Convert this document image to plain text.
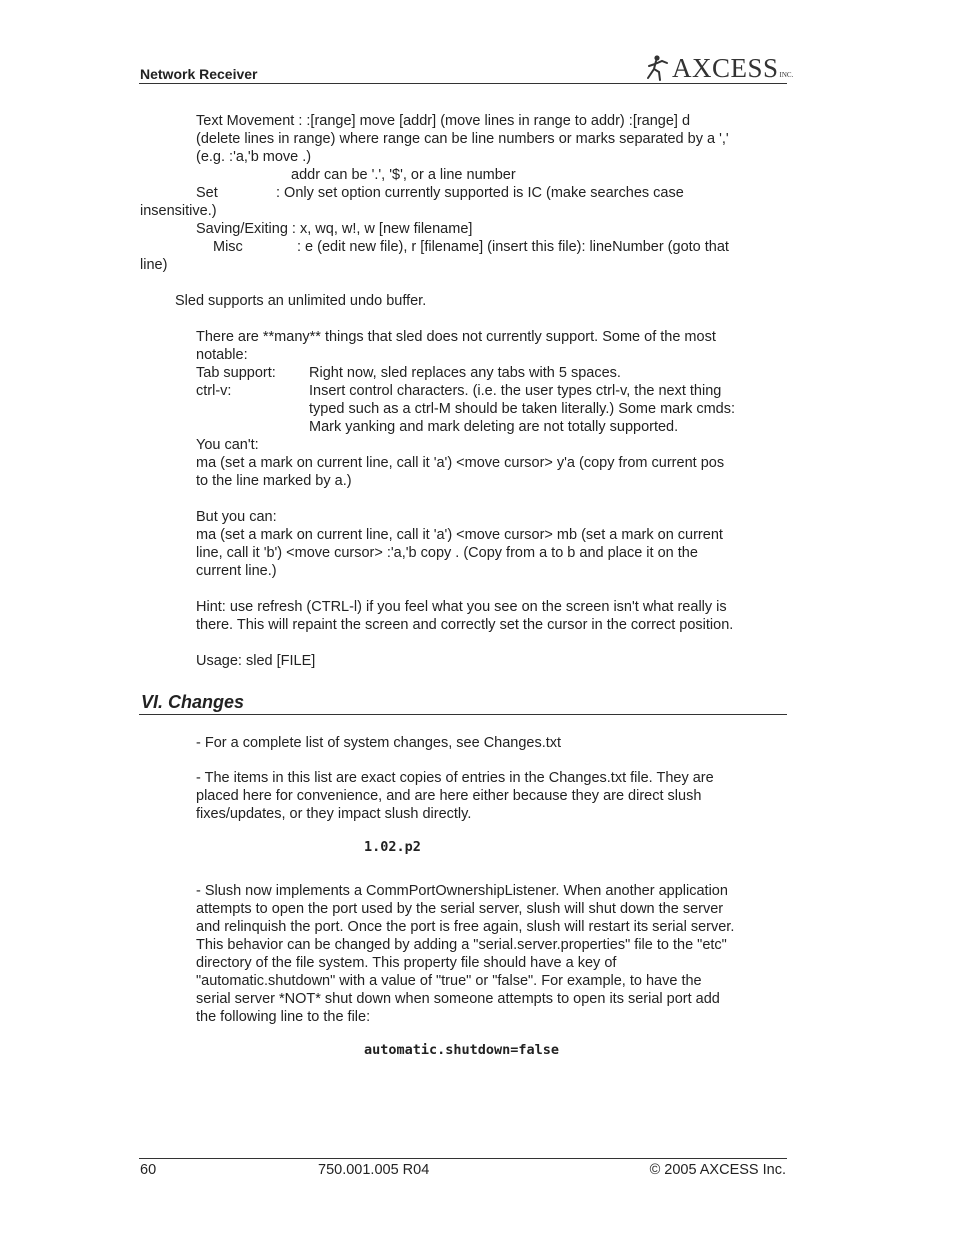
Network Receiver	AXCESS INC.
Text Movement : :[range] move [addr] (move lines in range to addr) :[range] d
(delete lines in range) where range can be line numbers or marks separated by a ','
(e.g. :'a,'b move .)
addr can be '.', '$', or a line number
Set	: Only set option currently supported is IC (make searches case
insensitive.)
Saving/Exiting : x, wq, w!, w [new filename]
Misc	: e (edit new file), r [filename] (insert this file): lineNumber (goto that
line)
Sled supports an unlimited undo buffer.
There are **many** things that sled does not currently support. Some of the most
notable:
Tab support: Right now, sled replaces any tabs with 5 spaces.
ctrl-v:	Insert control characters. (i.e. the user types ctrl-v, the next thing
typed such as a ctrl-M should be taken literally.) Some mark cmds:
Mark yanking and mark deleting are not totally supported.
You can't:
ma (set a mark on current line, call it 'a') <move cursor> y'a (copy from current pos
to the line marked by a.)
But you can:
ma (set a mark on current line, call it 'a') <move cursor> mb (set a mark on current
line, call it 'b') <move cursor> :'a,'b copy . (Copy from a to b and place it on the
current line.)
Hint: use refresh (CTRL-l) if you feel what you see on the screen isn't what really is
there. This will repaint the screen and correctly set the cursor in the correct position.
Usage: sled [FILE]
VI. Changes
- For a complete list of system changes, see Changes.txt
- The items in this list are exact copies of entries in the Changes.txt file. They are
placed here for convenience, and are here either because they are direct slush
fixes/updates, or they impact slush directly.
1.02.p2
- Slush now implements a CommPortOwnershipListener. When another application
attempts to open the port used by the serial server, slush will shut down the server
and relinquish the port. Once the port is free again, slush will restart its serial server.
This behavior can be changed by adding a "serial.server.properties" file to the "etc"
directory of the file system. This property file should have a key of
"automatic.shutdown" with a value of "true" or "false". For example, to have the
serial server *NOT* shut down when someone attempts to open its serial port add
the following line to the file:
automatic.shutdown=false
60	750.001.005 R04	© 2005 AXCESS Inc.
